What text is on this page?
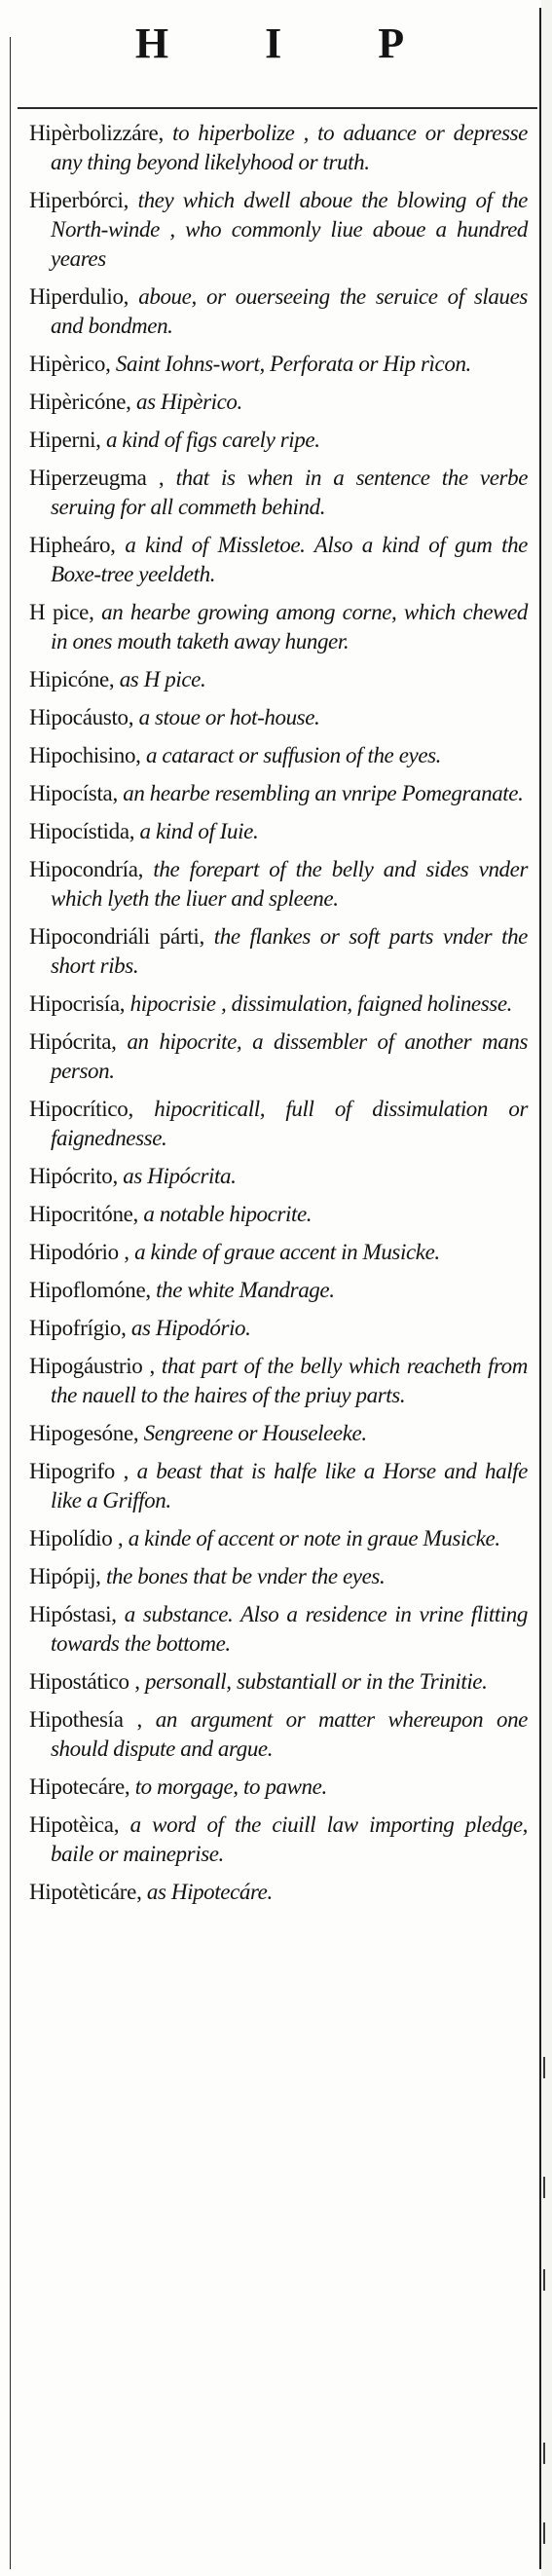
H I P
Hipèrbolizzáre, to hiperbolize , to aduance or depresse any thing beyond likelyhood or truth.
Hiperbórci, they which dwell aboue the blowing of the North-winde , who commonly liue aboue a hundred yeares
Hiperdulio, aboue, or ouerseeing the seruice of slaues and bondmen.
Hipèrico, Saint Iohns-wort, Perforata or Hip rìcon.
Hipèricóne, as Hipèrico.
Hiperni, a kind of figs carely ripe.
Hiperzeugma , that is when in a sentence the verbe seruing for all commeth behind.
Hipheáro, a kind of Missletoe. Also a kind of gum the Boxe-tree yeeldeth.
H pice, an hearbe growing among corne, which chewed in ones mouth taketh away hunger.
Hipicóne, as H pice.
Hipocáusto, a stoue or hot-house.
Hipochisino, a cataract or suffusion of the eyes.
Hipocísta, an hearbe resembling an vnripe Pomegranate.
Hipocístida, a kind of Iuie.
Hipocondría, the forepart of the belly and sides vnder which lyeth the liuer and spleene.
Hipocondriáli párti, the flankes or soft parts vnder the short ribs.
Hipocrisía, hipocrisie , dissimulation, faigned holinesse.
Hipócrita, an hipocrite, a dissembler of another mans person.
Hipocrítico, hipocriticall, full of dissimulation or faignednesse.
Hipócrito, as Hipócrita.
Hipocritóne, a notable hipocrite.
Hipodório , a kinde of graue accent in Musicke.
Hipoflomóne, the white Mandrage.
Hipofrígio, as Hipodório.
Hipogáustrio , that part of the belly which reacheth from the nauell to the haires of the priuy parts.
Hipogesóne, Sengreene or Houseleeke.
Hipogrifo , a beast that is halfe like a Horse and halfe like a Griffon.
Hipolídio , a kinde of accent or note in graue Musicke.
Hipópij, the bones that be vnder the eyes.
Hipóstasi, a substance. Also a residence in vrine flitting towards the bottome.
Hipostático , personall, substantiall or in the Trinitie.
Hipothesía , an argument or matter whereupon one should dispute and argue.
Hipotecáre, to morgage, to pawne.
Hipotèica, a word of the ciuill law importing pledge, baile or maineprise.
Hipotèticáre, as Hipotecáre.
